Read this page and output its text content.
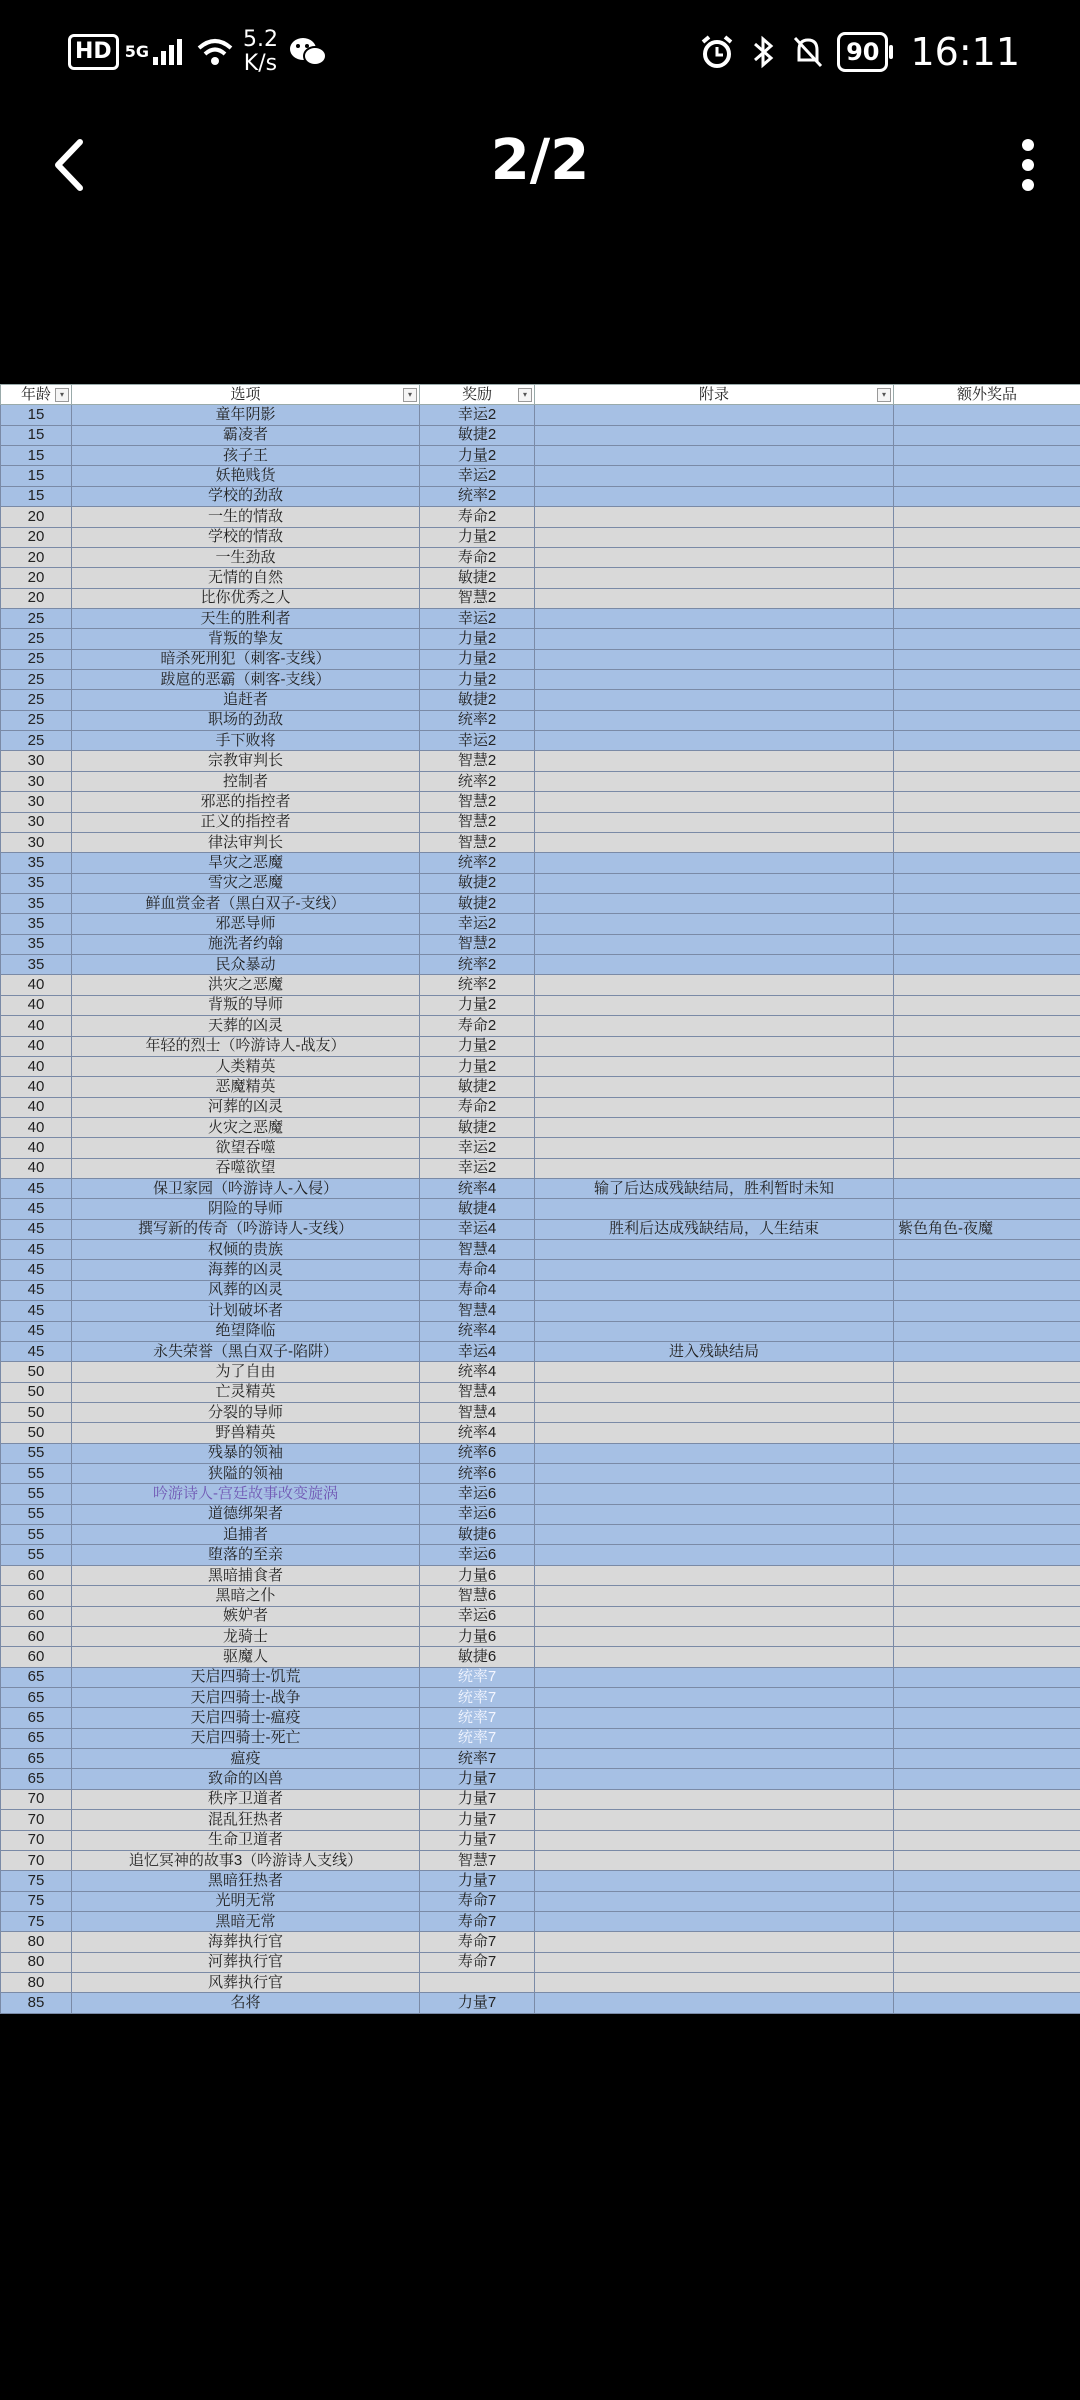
HD 5G	5.2
K/s	90 16:11
2/2
年龄 ▾	选项 ▾	奖励 ▾	附录 ▾	额外奖品
15	童年阴影	幸运2		
15	霸凌者	敏捷2		
15	孩子王	力量2		
15	妖艳贱货	幸运2		
15	学校的劲敌	统率2		
20	一生的情敌	寿命2		
20	学校的情敌	力量2		
20	一生劲敌	寿命2		
20	无情的自然	敏捷2		
20	比你优秀之人	智慧2		
25	天生的胜利者	幸运2		
25	背叛的挚友	力量2		
25	暗杀死刑犯（刺客-支线）	力量2		
25	跋扈的恶霸（刺客-支线）	力量2		
25	追赶者	敏捷2		
25	职场的劲敌	统率2		
25	手下败将	幸运2		
30	宗教审判长	智慧2		
30	控制者	统率2		
30	邪恶的指控者	智慧2		
30	正义的指控者	智慧2		
30	律法审判长	智慧2		
35	旱灾之恶魔	统率2		
35	雪灾之恶魔	敏捷2		
35	鲜血赏金者（黑白双子-支线）	敏捷2		
35	邪恶导师	幸运2		
35	施洗者约翰	智慧2		
35	民众暴动	统率2		
40	洪灾之恶魔	统率2		
40	背叛的导师	力量2		
40	天葬的凶灵	寿命2		
40	年轻的烈士（吟游诗人-战友）	力量2		
40	人类精英	力量2		
40	恶魔精英	敏捷2		
40	河葬的凶灵	寿命2		
40	火灾之恶魔	敏捷2		
40	欲望吞噬	幸运2		
40	吞噬欲望	幸运2		
45	保卫家园（吟游诗人-入侵）	统率4	输了后达成残缺结局，胜利暂时未知	
45	阴险的导师	敏捷4		
45	撰写新的传奇（吟游诗人-支线）	幸运4	胜利后达成残缺结局，人生结束	紫色角色-夜魔
45	权倾的贵族	智慧4		
45	海葬的凶灵	寿命4		
45	风葬的凶灵	寿命4		
45	计划破坏者	智慧4		
45	绝望降临	统率4		
45	永失荣誉（黑白双子-陷阱）	幸运4	进入残缺结局	
50	为了自由	统率4		
50	亡灵精英	智慧4		
50	分裂的导师	智慧4		
50	野兽精英	统率4		
55	残暴的领袖	统率6		
55	狭隘的领袖	统率6		
55	吟游诗人-宫廷故事改变旋涡	幸运6		
55	道德绑架者	幸运6		
55	追捕者	敏捷6		
55	堕落的至亲	幸运6		
60	黑暗捕食者	力量6		
60	黑暗之仆	智慧6		
60	嫉妒者	幸运6		
60	龙骑士	力量6		
60	驱魔人	敏捷6		
65	天启四骑士-饥荒	统率7		
65	天启四骑士-战争	统率7		
65	天启四骑士-瘟疫	统率7		
65	天启四骑士-死亡	统率7		
65	瘟疫	统率7		
65	致命的凶兽	力量7		
70	秩序卫道者	力量7		
70	混乱狂热者	力量7		
70	生命卫道者	力量7		
70	追忆冥神的故事3（吟游诗人支线）	智慧7		
75	黑暗狂热者	力量7		
75	光明无常	寿命7		
75	黑暗无常	寿命7		
80	海葬执行官	寿命7		
80	河葬执行官	寿命7		
80	风葬执行官			
85	名将	力量7		
